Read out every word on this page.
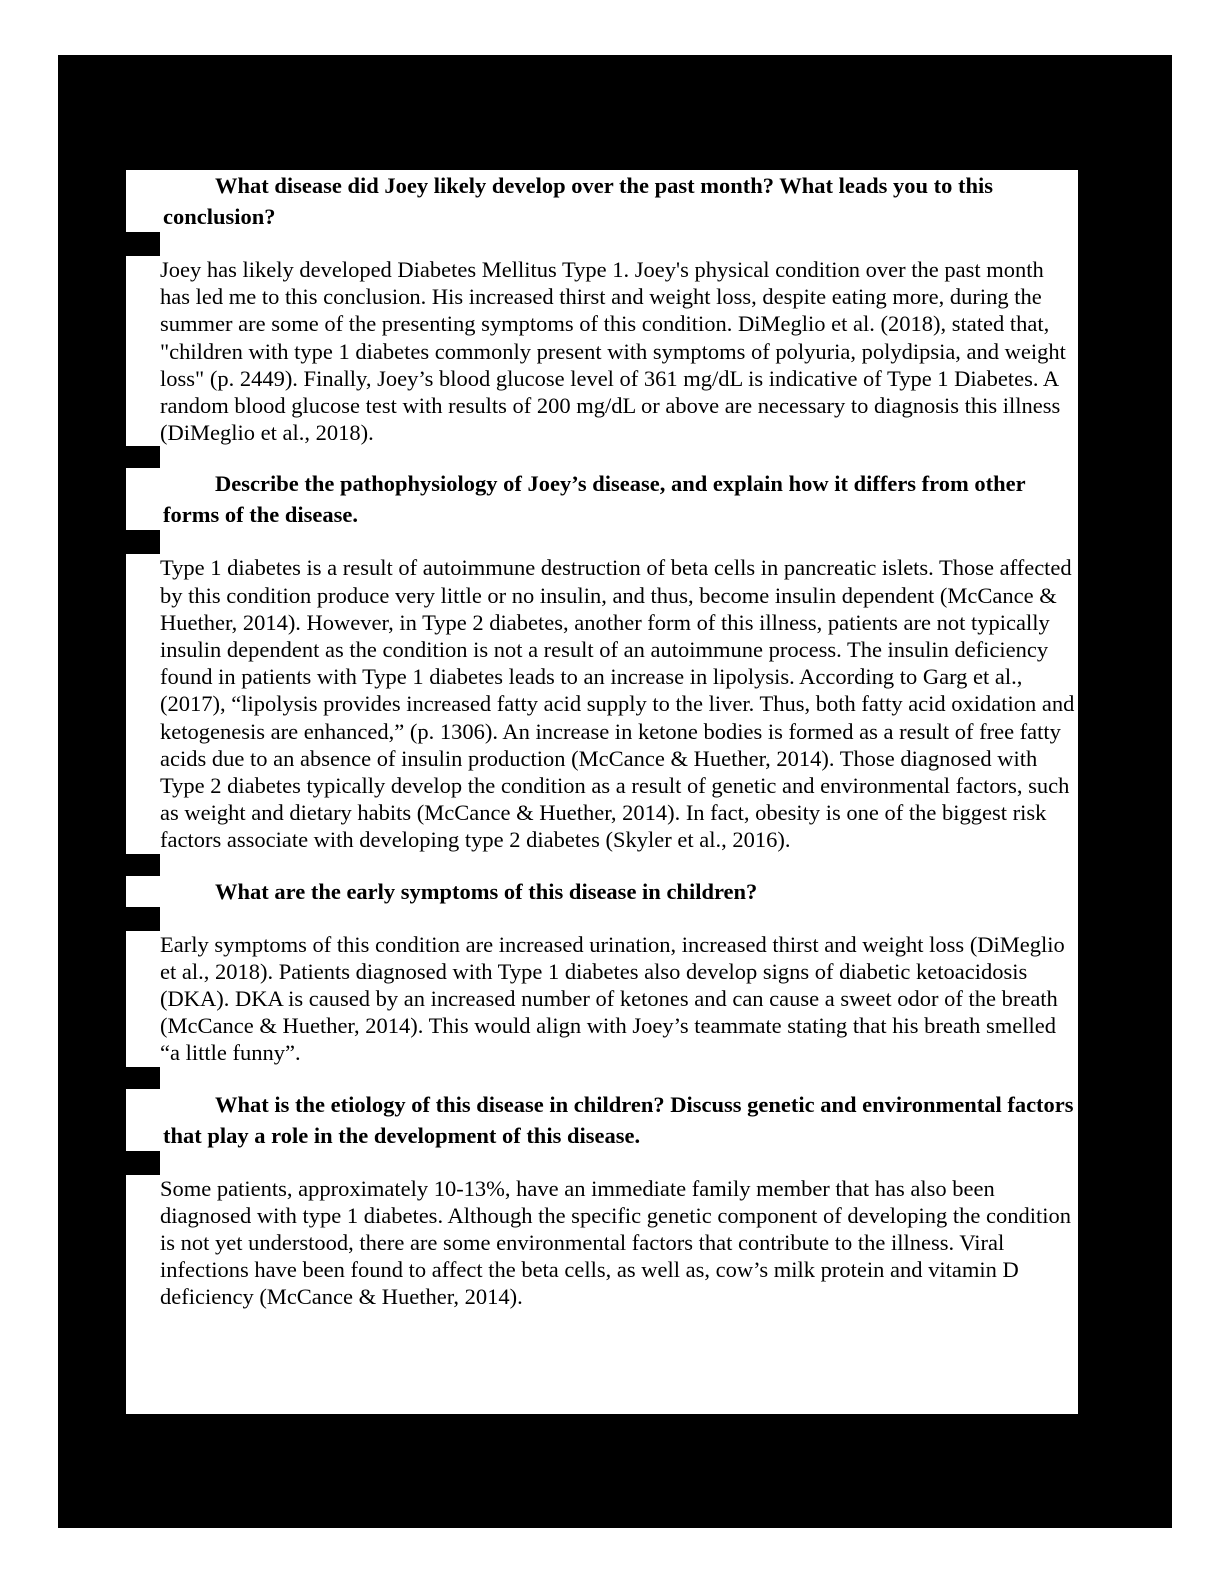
1.	What disease did Joey likely develop over the past month? What leads you to this conclusion?

Joey has likely developed Diabetes Mellitus Type 1. Joey's physical condition over the past month has led me to this conclusion. His increased thirst and weight loss, despite eating more, during the summer are some of the presenting symptoms of this condition. DiMeglio et al. (2018), stated that, "children with type 1 diabetes commonly present with symptoms of polyuria, polydipsia, and weight loss" (p. 2449). Finally, Joey’s blood glucose level of 361 mg/dL is indicative of Type 1 Diabetes. A random blood glucose test with results of 200 mg/dL or above are necessary to diagnosis this illness (DiMeglio et al., 2018).

2.	Describe the pathophysiology of Joey’s disease, and explain how it differs from other forms of the disease.

Type 1 diabetes is a result of autoimmune destruction of beta cells in pancreatic islets. Those affected by this condition produce very little or no insulin, and thus, become insulin dependent (McCance & Huether, 2014). However, in Type 2 diabetes, another form of this illness, patients are not typically insulin dependent as the condition is not a result of an autoimmune process. The insulin deficiency found in patients with Type 1 diabetes leads to an increase in lipolysis. According to Garg et al., (2017), “lipolysis provides increased fatty acid supply to the liver. Thus, both fatty acid oxidation and ketogenesis are enhanced,” (p. 1306). An increase in ketone bodies is formed as a result of free fatty acids due to an absence of insulin production (McCance & Huether, 2014). Those diagnosed with Type 2 diabetes typically develop the condition as a result of genetic and environmental factors, such as weight and dietary habits (McCance & Huether, 2014). In fact, obesity is one of the biggest risk factors associate with developing type 2 diabetes (Skyler et al., 2016).

3.	What are the early symptoms of this disease in children?

Early symptoms of this condition are increased urination, increased thirst and weight loss (DiMeglio et al., 2018). Patients diagnosed with Type 1 diabetes also develop signs of diabetic ketoacidosis (DKA). DKA is caused by an increased number of ketones and can cause a sweet odor of the breath (McCance & Huether, 2014). This would align with Joey’s teammate stating that his breath smelled “a little funny”.

4.	What is the etiology of this disease in children? Discuss genetic and environmental factors that play a role in the development of this disease.

Some patients, approximately 10-13%, have an immediate family member that has also been diagnosed with type 1 diabetes. Although the specific genetic component of developing the condition is not yet understood, there are some environmental factors that contribute to the illness. Viral infections have been found to affect the beta cells, as well as, cow’s milk protein and vitamin D deficiency (McCance & Huether, 2014).
